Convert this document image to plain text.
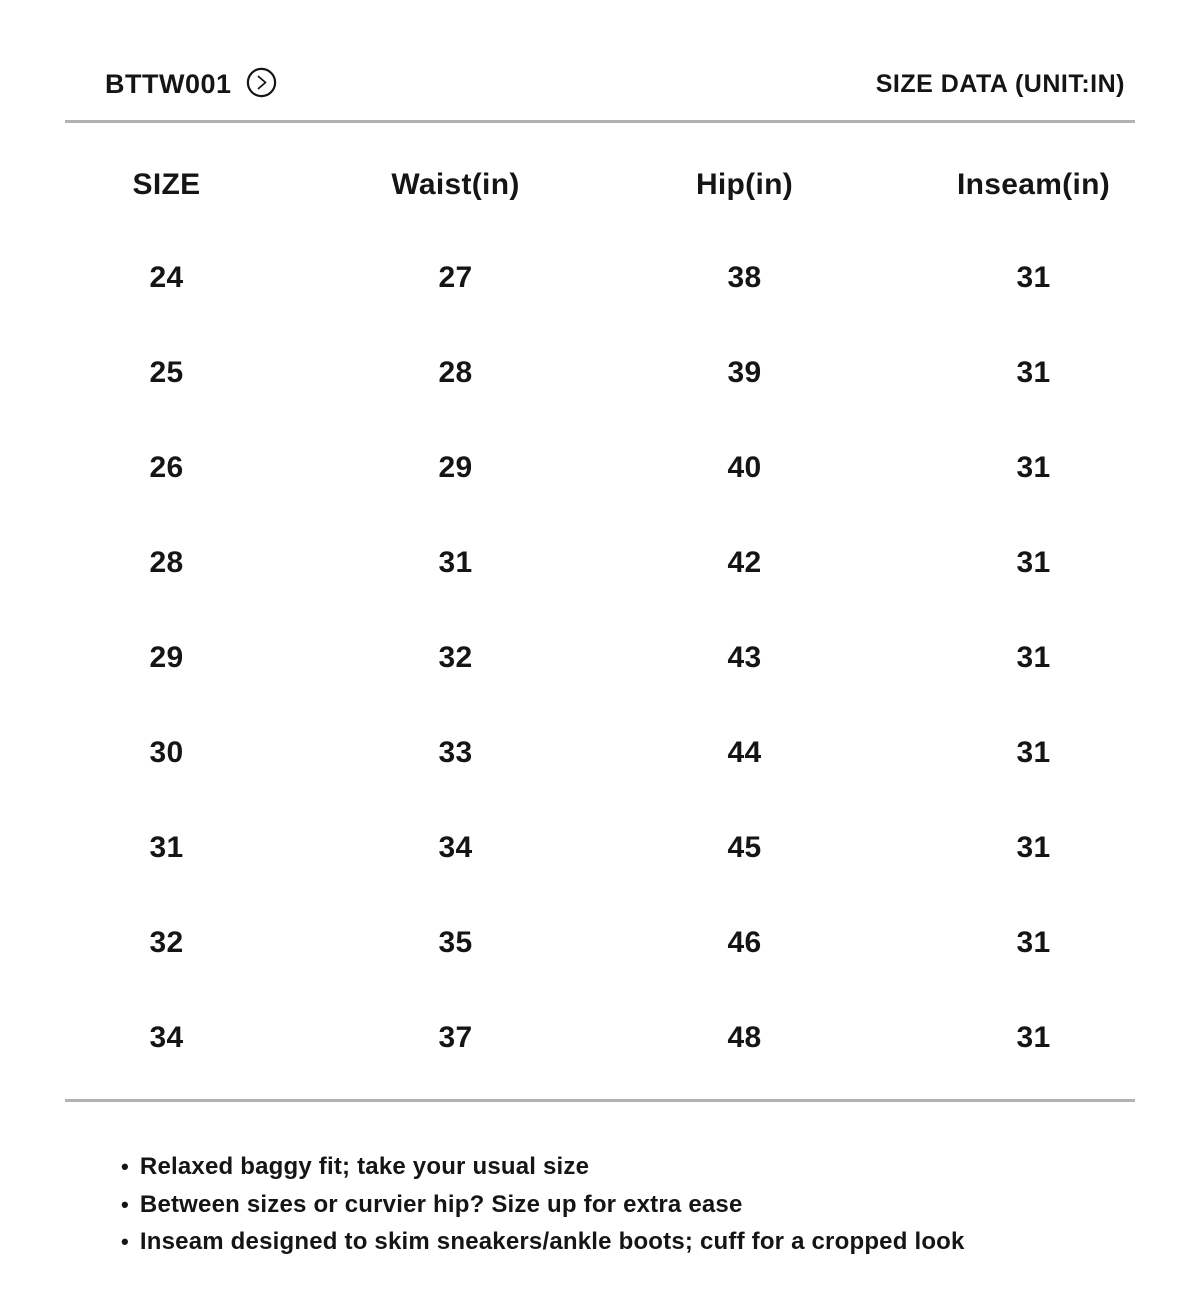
BTTW001	SIZE DATA (UNIT:IN)
SIZE	Waist(in)	Hip(in)	Inseam(in)
24	27	38	31
25	28	39	31
26	29	40	31
28	31	42	31
29	32	43	31
30	33	44	31
31	34	45	31
32	35	46	31
34	37	48	31
• Relaxed baggy fit; take your usual size
• Between sizes or curvier hip? Size up for extra ease
• Inseam designed to skim sneakers/ankle boots; cuff for a cropped look
